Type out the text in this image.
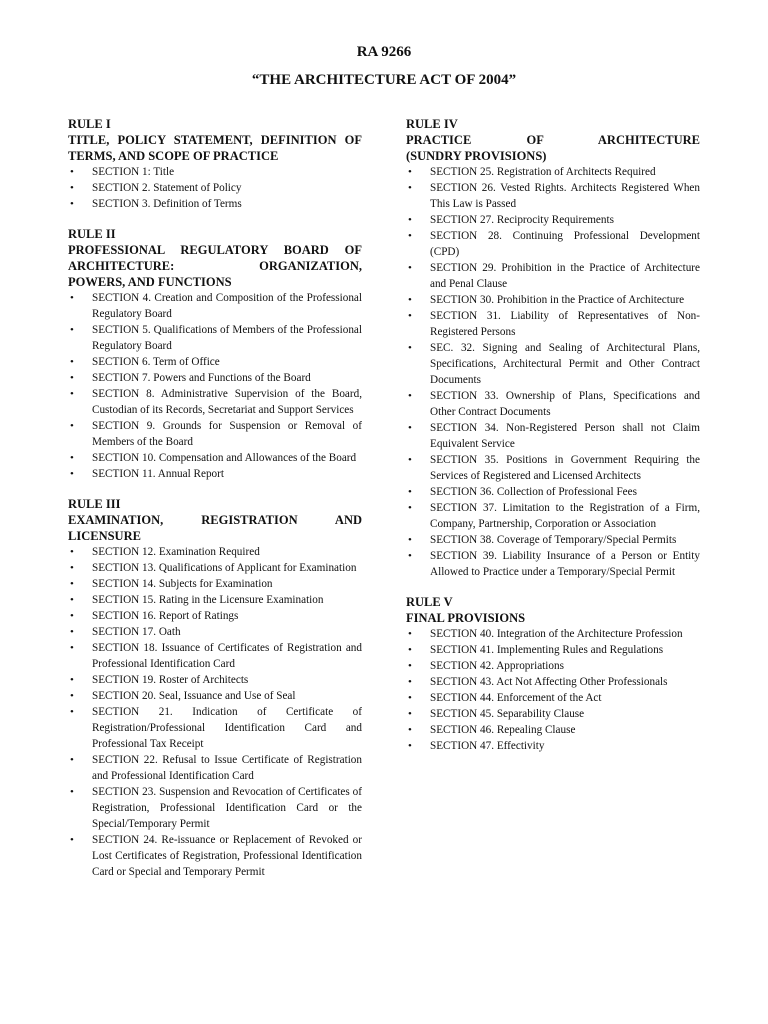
RA 9266
“THE ARCHITECTURE ACT OF 2004”
RULE I
TITLE, POLICY STATEMENT, DEFINITION OF
TERMS, AND SCOPE OF PRACTICE
• SECTION 1: Title
• SECTION 2. Statement of Policy
• SECTION 3. Definition of Terms
RULE II
PROFESSIONAL REGULATORY BOARD OF
ARCHITECTURE: ORGANIZATION,
POWERS, AND FUNCTIONS
• SECTION 4. Creation and Composition of the Professional Regulatory Board
• SECTION 5. Qualifications of Members of the Professional Regulatory Board
• SECTION 6. Term of Office
• SECTION 7. Powers and Functions of the Board
• SECTION 8. Administrative Supervision of the Board, Custodian of its Records, Secretariat and Support Services
• SECTION 9. Grounds for Suspension or Removal of Members of the Board
• SECTION 10. Compensation and Allowances of the Board
• SECTION 11. Annual Report
RULE III
EXAMINATION, REGISTRATION AND
LICENSURE
• SECTION 12. Examination Required
• SECTION 13. Qualifications of Applicant for Examination
• SECTION 14. Subjects for Examination
• SECTION 15. Rating in the Licensure Examination
• SECTION 16. Report of Ratings
• SECTION 17. Oath
• SECTION 18. Issuance of Certificates of Registration and Professional Identification Card
• SECTION 19. Roster of Architects
• SECTION 20. Seal, Issuance and Use of Seal
• SECTION 21. Indication of Certificate of Registration/Professional Identification Card and Professional Tax Receipt
• SECTION 22. Refusal to Issue Certificate of Registration and Professional Identification Card
• SECTION 23. Suspension and Revocation of Certificates of Registration, Professional Identification Card or the Special/Temporary Permit
• SECTION 24. Re-issuance or Replacement of Revoked or Lost Certificates of Registration, Professional Identification Card or Special and Temporary Permit
RULE IV
PRACTICE OF ARCHITECTURE
(SUNDRY PROVISIONS)
• SECTION 25. Registration of Architects Required
• SECTION 26. Vested Rights. Architects Registered When This Law is Passed
• SECTION 27. Reciprocity Requirements
• SECTION 28. Continuing Professional Development (CPD)
• SECTION 29. Prohibition in the Practice of Architecture and Penal Clause
• SECTION 30. Prohibition in the Practice of Architecture
• SECTION 31. Liability of Representatives of Non-Registered Persons
• SEC. 32. Signing and Sealing of Architectural Plans, Specifications, Architectural Permit and Other Contract Documents
• SECTION 33. Ownership of Plans, Specifications and Other Contract Documents
• SECTION 34. Non-Registered Person shall not Claim Equivalent Service
• SECTION 35. Positions in Government Requiring the Services of Registered and Licensed Architects
• SECTION 36. Collection of Professional Fees
• SECTION 37. Limitation to the Registration of a Firm, Company, Partnership, Corporation or Association
• SECTION 38. Coverage of Temporary/Special Permits
• SECTION 39. Liability Insurance of a Person or Entity Allowed to Practice under a Temporary/Special Permit
RULE V
FINAL PROVISIONS
• SECTION 40. Integration of the Architecture Profession
• SECTION 41. Implementing Rules and Regulations
• SECTION 42. Appropriations
• SECTION 43. Act Not Affecting Other Professionals
• SECTION 44. Enforcement of the Act
• SECTION 45. Separability Clause
• SECTION 46. Repealing Clause
• SECTION 47. Effectivity
